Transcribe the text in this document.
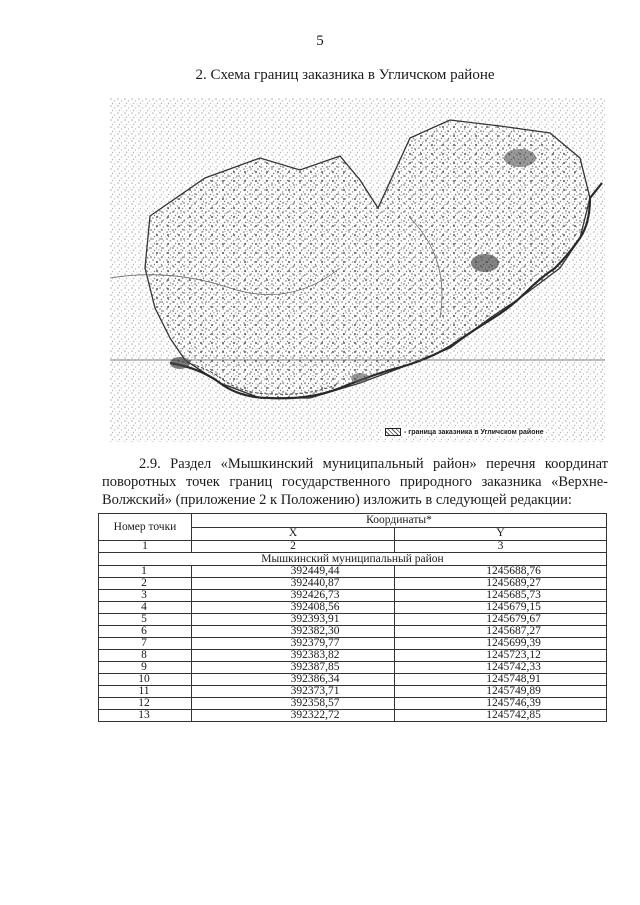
5
2. Схема границ заказника в Угличском районе
- граница заказника в Угличском районе
2.9. Раздел «Мышкинский муниципальный район» перечня координат поворотных точек границ государственного природного заказника «Верхне-Волжский» (приложение 2 к Положению) изложить в следующей редакции:
Номер точки	Координаты*	
	X	Y
1	2	3
Мышкинский муниципальный район		
1	392449,44	1245688,76
2	392440,87	1245689,27
3	392426,73	1245685,73
4	392408,56	1245679,15
5	392393,91	1245679,67
6	392382,30	1245687,27
7	392379,77	1245699,39
8	392383,82	1245723,12
9	392387,85	1245742,33
10	392386,34	1245748,91
11	392373,71	1245749,89
12	392358,57	1245746,39
13	392322,72	1245742,85
